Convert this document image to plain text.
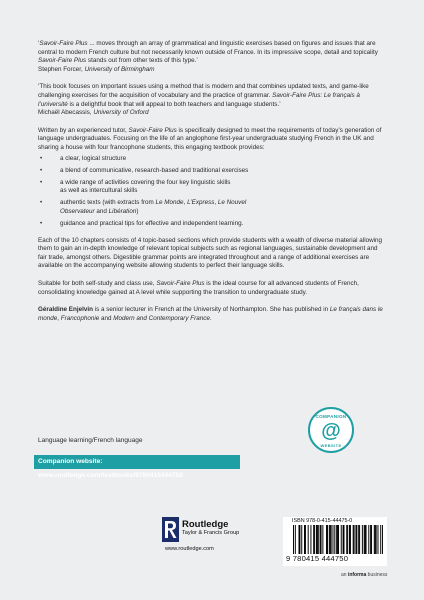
‘Savoir-Faire Plus ... moves through an array of grammatical and linguistic exercises based on figures and issues that are central to modern French culture but not necessarily known outside of France. In its impressive scope, detail and topicality Savoir-Faire Plus stands out from other texts of this type.’

Stephen Forcer, University of Birmingham

‘This book focuses on important issues using a method that is modern and that combines updated texts, and game-like challenging exercises for the acquisition of vocabulary and the practice of grammar. Savoir-Faire Plus: Le français à l’université is a delightful book that will appeal to both teachers and language students.’

Michaël Abecassis, University of Oxford

Written by an experienced tutor, Savoir-Faire Plus is specifically designed to meet the requirements of today’s generation of language undergraduates. Focusing on the life of an anglophone first-year undergraduate studying French in the UK and sharing a house with four francophone students, this engaging textbook provides:

•	a clear, logical structure
•	a blend of communicative, research-based and traditional exercises
•	a wide range of activities covering the four key linguistic skills
as well as intercultural skills
•	authentic texts (with extracts from Le Monde, L’Express, Le Nouvel
Observateur and Libération)
•	guidance and practical tips for effective and independent learning.

Each of the 10 chapters consists of 4 topic-based sections which provide students with a wealth of diverse material allowing them to gain an in-depth knowledge of relevant topical subjects such as regional languages, sustainable development and fair trade, amongst others. Digestible grammar points are integrated throughout and a range of additional exercises are available on the accompanying website allowing students to perfect their language skills.

Suitable for both self-study and class use, Savoir-Faire Plus is the ideal course for all advanced students of French, consolidating knowledge gained at A level while supporting the transition to undergraduate study.

Géraldine Enjelvin is a senior lecturer in French at the University of Northampton. She has published in Le français dans le monde, Francophonie and Modern and Contemporary France.

Language learning/French language
Companion website: www.routledge.com/textbooks/9780415444750
COMPANION
@
WEBSITE
Routledge
Taylor & Francis Group
www.routledge.com
ISBN 978-0-415-44475-0
9 780415 444750
an informa business
